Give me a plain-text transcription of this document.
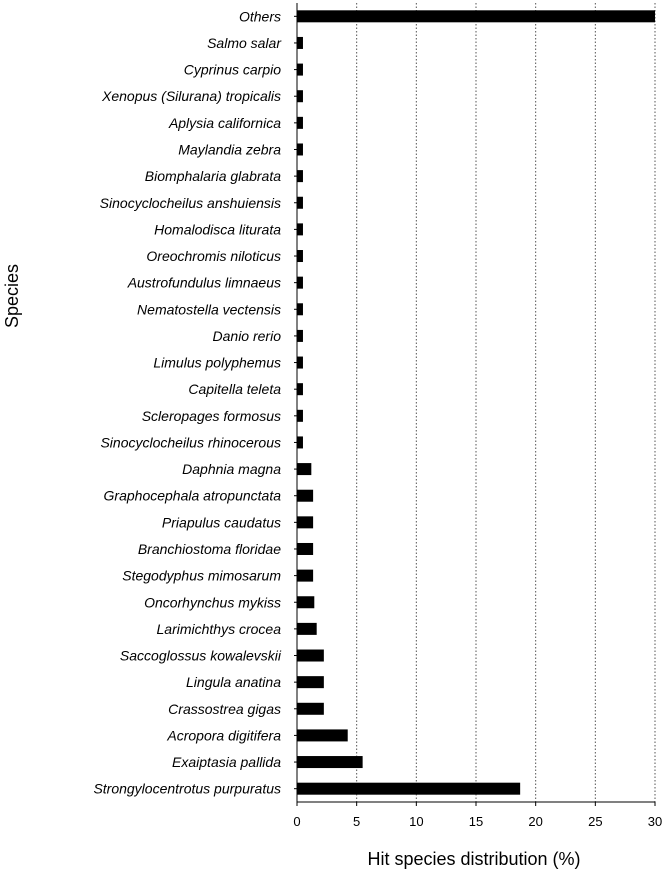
Others
Salmo salar
Cyprinus carpio
Xenopus (Silurana) tropicalis
Aplysia californica
Maylandia zebra
Biomphalaria glabrata
Sinocyclocheilus anshuiensis
Homalodisca liturata
Oreochromis niloticus
Austrofundulus limnaeus
Nematostella vectensis
Danio rerio
Limulus polyphemus
Capitella teleta
Scleropages formosus
Sinocyclocheilus rhinocerous
Daphnia magna
Graphocephala atropunctata
Priapulus caudatus
Branchiostoma floridae
Stegodyphus mimosarum
Oncorhynchus mykiss
Larimichthys crocea
Saccoglossus kowalevskii
Lingula anatina
Crassostrea gigas
Acropora digitifera
Exaiptasia pallida
Strongylocentrotus purpuratus
0	5	10	15	20	25	30
Hit species distribution (%)
Species
